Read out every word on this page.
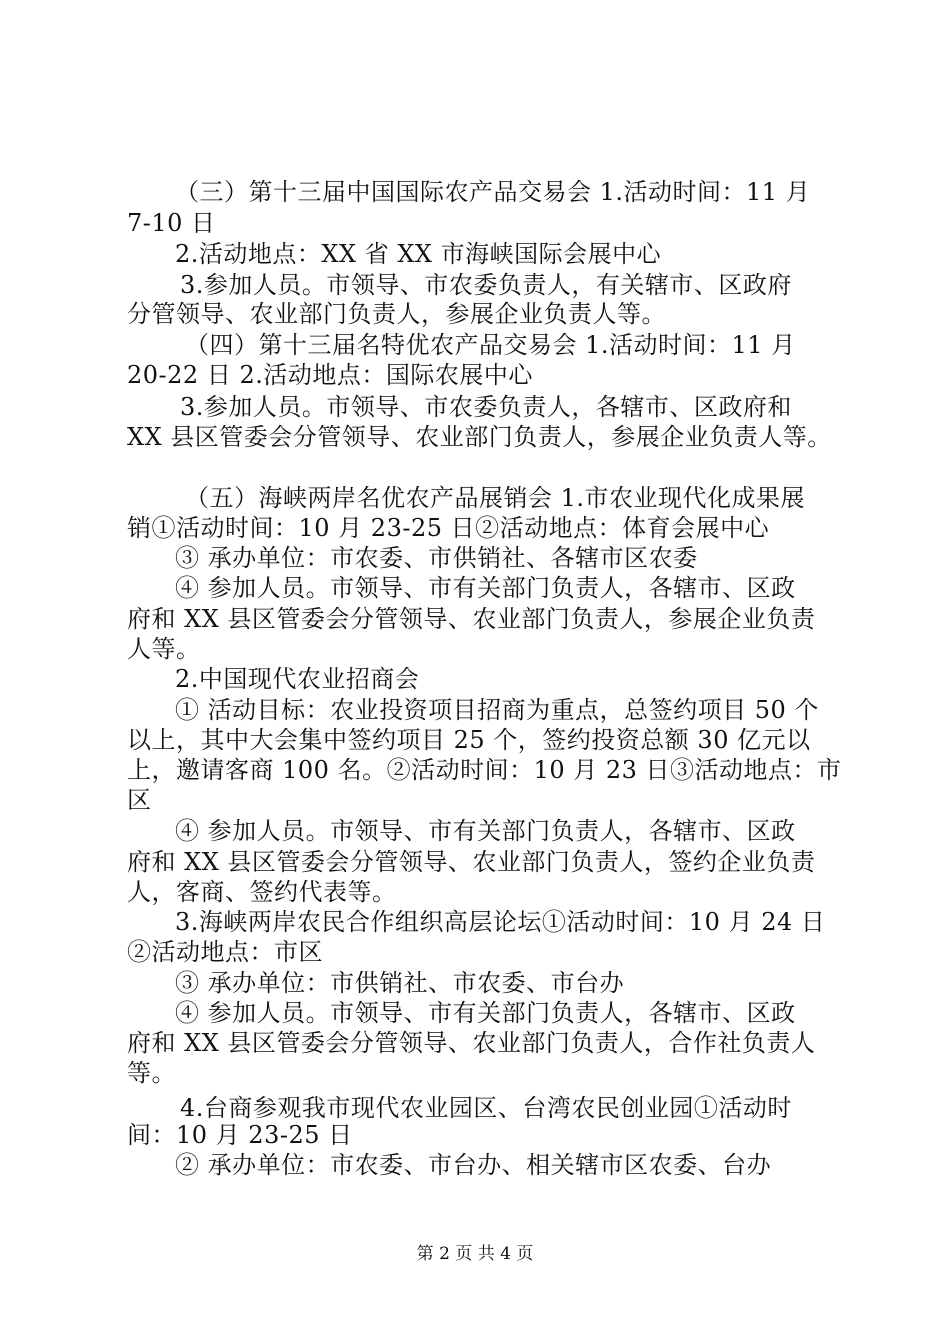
（三）第十三届中国国际农产品交易会 1.活动时间：11 月
7-10 日
2.活动地点：XX 省 XX 市海峡国际会展中心
3.参加人员。市领导、市农委负责人，有关辖市、区政府
分管领导、农业部门负责人，参展企业负责人等。
（四）第十三届名特优农产品交易会 1.活动时间：11 月
20-22 日 2.活动地点：国际农展中心
3.参加人员。市领导、市农委负责人，各辖市、区政府和
XX 县区管委会分管领导、农业部门负责人，参展企业负责人等。
（五）海峡两岸名优农产品展销会 1.市农业现代化成果展
销①活动时间：10 月 23-25 日②活动地点：体育会展中心
③ 承办单位：市农委、市供销社、各辖市区农委
④ 参加人员。市领导、市有关部门负责人，各辖市、区政
府和 XX 县区管委会分管领导、农业部门负责人，参展企业负责
人等。
2.中国现代农业招商会
① 活动目标：农业投资项目招商为重点，总签约项目 50 个
以上，其中大会集中签约项目 25 个，签约投资总额 30 亿元以
上，邀请客商 100 名。②活动时间：10 月 23 日③活动地点：市
区
④ 参加人员。市领导、市有关部门负责人，各辖市、区政
府和 XX 县区管委会分管领导、农业部门负责人，签约企业负责
人，客商、签约代表等。
3.海峡两岸农民合作组织高层论坛①活动时间：10 月 24 日
②活动地点：市区
③ 承办单位：市供销社、市农委、市台办
④ 参加人员。市领导、市有关部门负责人，各辖市、区政
府和 XX 县区管委会分管领导、农业部门负责人，合作社负责人
等。
4.台商参观我市现代农业园区、台湾农民创业园①活动时
间：10 月 23-25 日
② 承办单位：市农委、市台办、相关辖市区农委、台办
第 2 页 共 4 页
